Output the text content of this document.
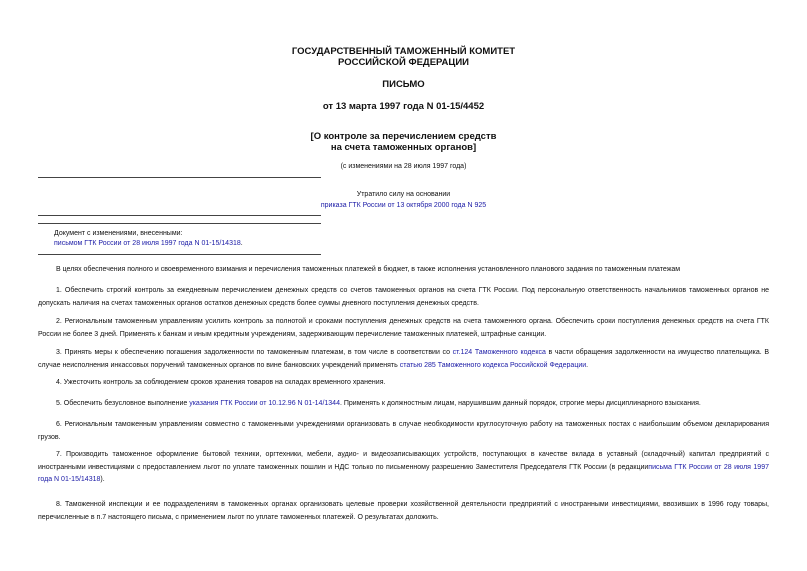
ГОСУДАРСТВЕННЫЙ ТАМОЖЕННЫЙ КОМИТЕТ
РОССИЙСКОЙ ФЕДЕРАЦИИ
ПИСЬМО
от 13 марта 1997 года N 01-15/4452
[О контроле за перечислением средств
на счета таможенных органов]
(с изменениями на 28 июля 1997 года)
Утратило силу на основании
приказа ГТК России от 13 октября 2000 года N 925
Документ с изменениями, внесенными:
письмом ГТК России от 28 июля 1997 года N 01-15/14318.

В целях обеспечения полного и своевременного взимания и перечисления таможенных платежей в бюджет, в также исполнения установленного планового задания по таможенным платежам

1. Обеспечить строгий контроль за ежедневным перечислением денежных средств со счетов таможенных органов на счета ГТК России. Под персональную ответственность начальников таможенных органов не допускать наличия на счетах таможенных органов остатков денежных средств более суммы дневного поступления денежных средств.

2. Региональным таможенным управлениям усилить контроль за полнотой и сроками поступления денежных средств на счета таможенного органа. Обеспечить сроки поступления денежных средств на счета ГТК России не более 3 дней. Применять к банкам и иным кредитным учреждениям, задерживающим перечисление таможенных платежей, штрафные санкции.

3. Принять меры к обеспечению погашения задолженности по таможенным платежам, в том числе в соответствии со ст.124 Таможенного кодекса в части обращения задолженности на имущество плательщика. В случае неисполнения инкассовых поручений таможенных органов по вине банковских учреждений применять статью 285 Таможенного кодекса Российской Федерации.

4. Ужесточить контроль за соблюдением сроков хранения товаров на складах временного хранения.

5. Обеспечить безусловное выполнение указания ГТК России от 10.12.96 N 01-14/1344. Применять к должностным лицам, нарушившим данный порядок, строгие меры дисциплинарного взыскания.

6. Региональным таможенным управлениям совместно с таможенными учреждениями организовать в случае необходимости круглосуточную работу на таможенных постах с наибольшим объемом декларирования грузов.

7. Производить таможенное оформление бытовой техники, оргтехники, мебели, аудио- и видеозаписывающих устройств, поступающих в качестве вклада в уставный (складочный) капитал предприятий с иностранными инвестициями с предоставлением льгот по уплате таможенных пошлин и НДС только по письменному разрешению Заместителя Председателя ГТК России (в редакцииписьма ГТК России от 28 июля 1997 года N 01-15/14318).

8. Таможенной инспекции и ее подразделениям в таможенных органах организовать целевые проверки хозяйственной деятельности предприятий с иностранными инвестициями, ввозивших в 1996 году товары, перечисленные в п.7 настоящего письма, с применением льгот по уплате таможенных платежей. О результатах доложить.
